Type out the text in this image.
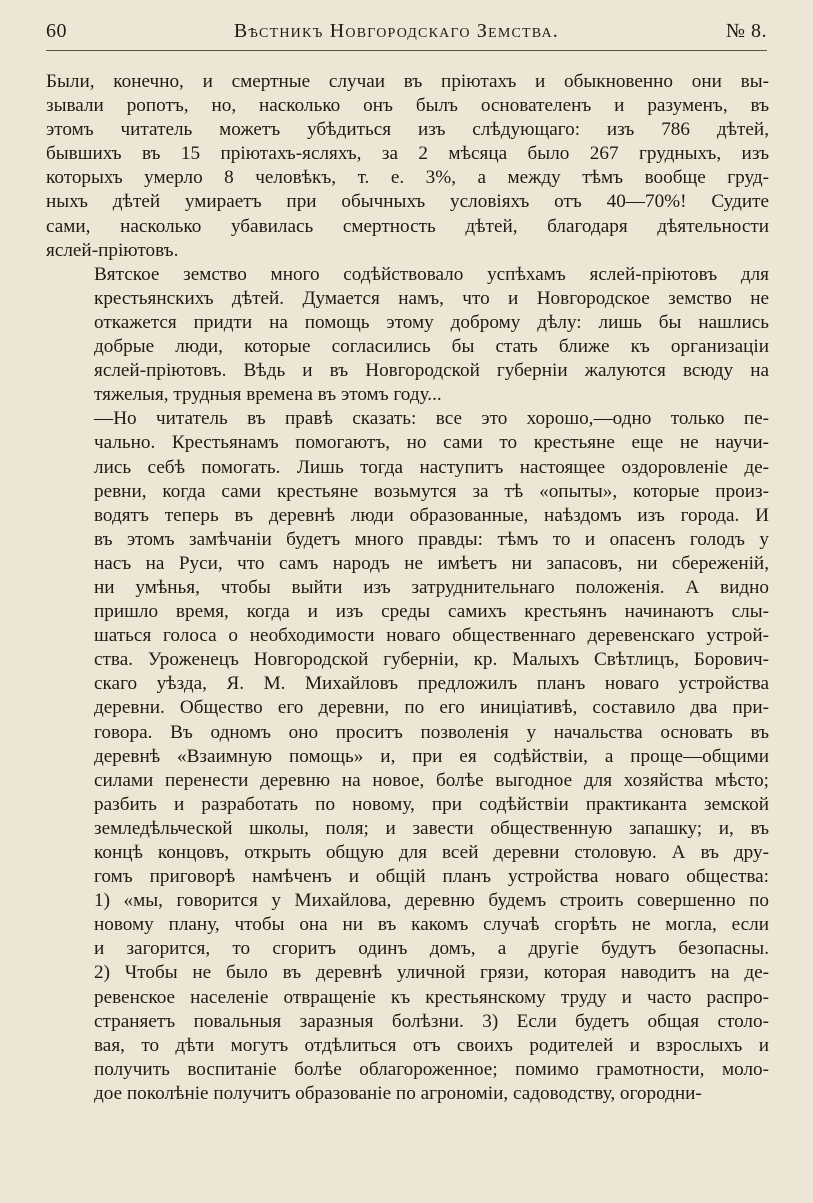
60	Вѣстникъ Новгородскаго Земства.	№ 8.

Были, конечно, и смертные случаи въ пріютахъ и обыкновенно они вы-
зывали ропотъ, но, насколько онъ былъ основателенъ и разуменъ, въ
этомъ читатель можетъ убѣдиться изъ слѣдующаго: изъ 786 дѣтей,
бывшихъ въ 15 пріютахъ-ясляхъ, за 2 мѣсяца было 267 грудныхъ, изъ
которыхъ умерло 8 человѣкъ, т. е. 3%, а между тѣмъ вообще груд-
ныхъ дѣтей умираетъ при обычныхъ условіяхъ отъ 40—70%! Судите
сами, насколько убавилась смертность дѣтей, благодаря дѣятельности
яслей-пріютовъ.

Вятское земство много содѣйствовало успѣхамъ яслей-пріютовъ для
крестьянскихъ дѣтей. Думается намъ, что и Новгородское земство не
откажется придти на помощь этому доброму дѣлу: лишь бы нашлись
добрые люди, которые согласились бы стать ближе къ организаціи
яслей-пріютовъ. Вѣдь и въ Новгородской губерніи жалуются всюду на
тяжелыя, трудныя времена въ этомъ году...

—Но читатель въ правѣ сказать: все это хорошо,—одно только пе-
чально. Крестьянамъ помогаютъ, но сами то крестьяне еще не научи-
лись себѣ помогать. Лишь тогда наступитъ настоящее оздоровленіе де-
ревни, когда сами крестьяне возьмутся за тѣ «опыты», которые произ-
водятъ теперь въ деревнѣ люди образованные, наѣздомъ изъ города. И
въ этомъ замѣчаніи будетъ много правды: тѣмъ то и опасенъ голодъ у
насъ на Руси, что самъ народъ не имѣетъ ни запасовъ, ни сбереженій,
ни умѣнья, чтобы выйти изъ затруднительнаго положенія. А видно
пришло время, когда и изъ среды самихъ крестьянъ начинаютъ слы-
шаться голоса о необходимости новаго общественнаго деревенскаго устрой-
ства. Уроженецъ Новгородской губерніи, кр. Малыхъ Свѣтлицъ, Борович-
скаго уѣзда, Я. М. Михайловъ предложилъ планъ новаго устройства
деревни. Общество его деревни, по его иниціативѣ, составило два при-
говора. Въ одномъ оно проситъ позволенія у начальства основать въ
деревнѣ «Взаимную помощь» и, при ея содѣйствіи, а проще—общими
силами перенести деревню на новое, болѣе выгодное для хозяйства мѣсто;
разбить и разработать по новому, при содѣйствіи практиканта земской
земледѣльческой школы, поля; и завести общественную запашку; и, въ
концѣ концовъ, открыть общую для всей деревни столовую. А въ дру-
гомъ приговорѣ намѣченъ и общій планъ устройства новаго общества:
1) «мы, говорится у Михайлова, деревню будемъ строить совершенно по
новому плану, чтобы она ни въ какомъ случаѣ сгорѣть не могла, если
и загорится, то сгоритъ одинъ домъ, а другіе будутъ безопасны.
2) Чтобы не было въ деревнѣ уличной грязи, которая наводитъ на де-
ревенское населеніе отвращеніе къ крестьянскому труду и часто распро-
страняетъ повальныя заразныя болѣзни. 3) Если будетъ общая столо-
вая, то дѣти могутъ отдѣлиться отъ своихъ родителей и взрослыхъ и
получить воспитаніе болѣе облагороженное; помимо грамотности, моло-
дое поколѣніе получитъ образованіе по агрономіи, садоводству, огородни-
